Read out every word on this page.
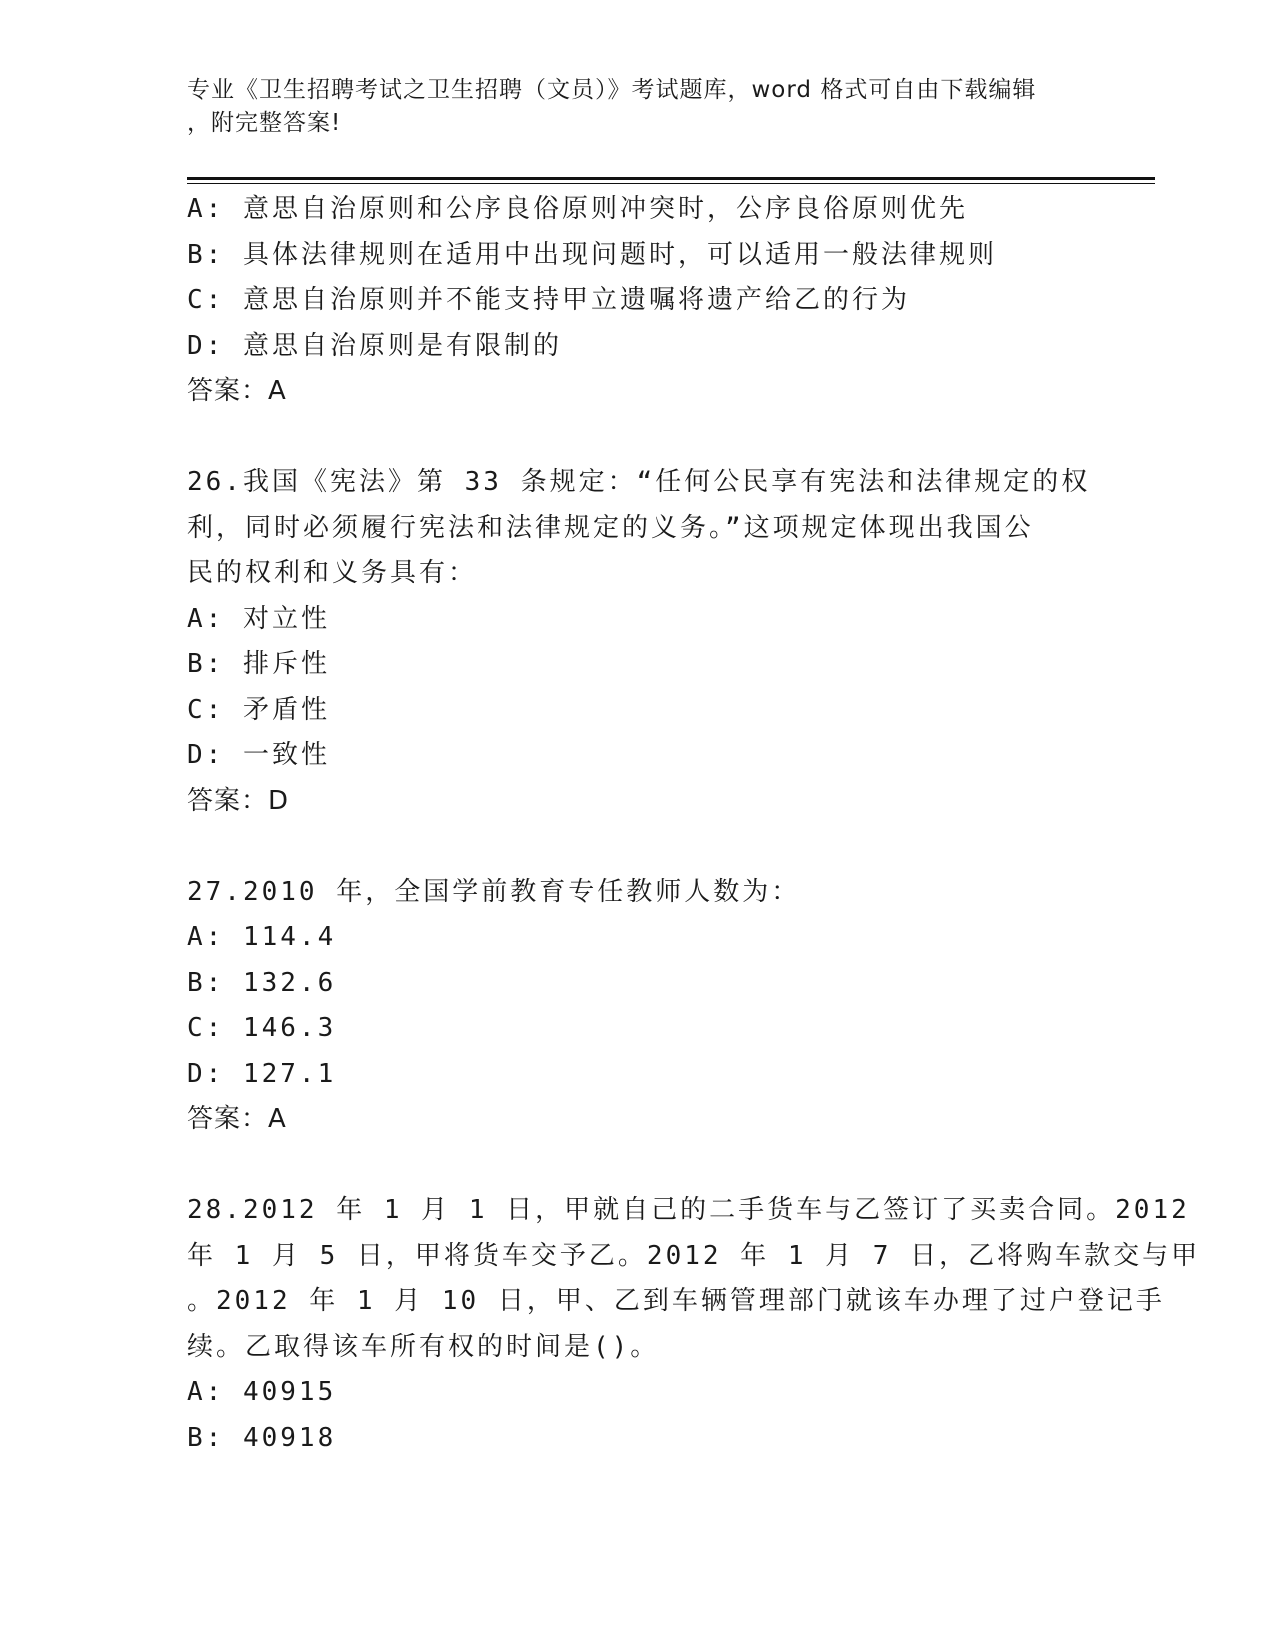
专业《卫生招聘考试之卫生招聘（文员）》考试题库，word 格式可自由下载编辑
，附完整答案!
A: 意思自治原则和公序良俗原则冲突时，公序良俗原则优先
B: 具体法律规则在适用中出现问题时，可以适用一般法律规则
C: 意思自治原则并不能支持甲立遗嘱将遗产给乙的行为
D: 意思自治原则是有限制的
答案：A
26.我国《宪法》第 33 条规定：“任何公民享有宪法和法律规定的权
利，同时必须履行宪法和法律规定的义务。”这项规定体现出我国公
民的权利和义务具有：
A: 对立性
B: 排斥性
C: 矛盾性
D: 一致性
答案：D
27.2010 年，全国学前教育专任教师人数为：
A: 114.4
B: 132.6
C: 146.3
D: 127.1
答案：A
28.2012 年 1 月 1 日，甲就自己的二手货车与乙签订了买卖合同。2012
年 1 月 5 日，甲将货车交予乙。2012 年 1 月 7 日，乙将购车款交与甲
。2012 年 1 月 10 日，甲、乙到车辆管理部门就该车办理了过户登记手
续。乙取得该车所有权的时间是()。
A: 40915
B: 40918
